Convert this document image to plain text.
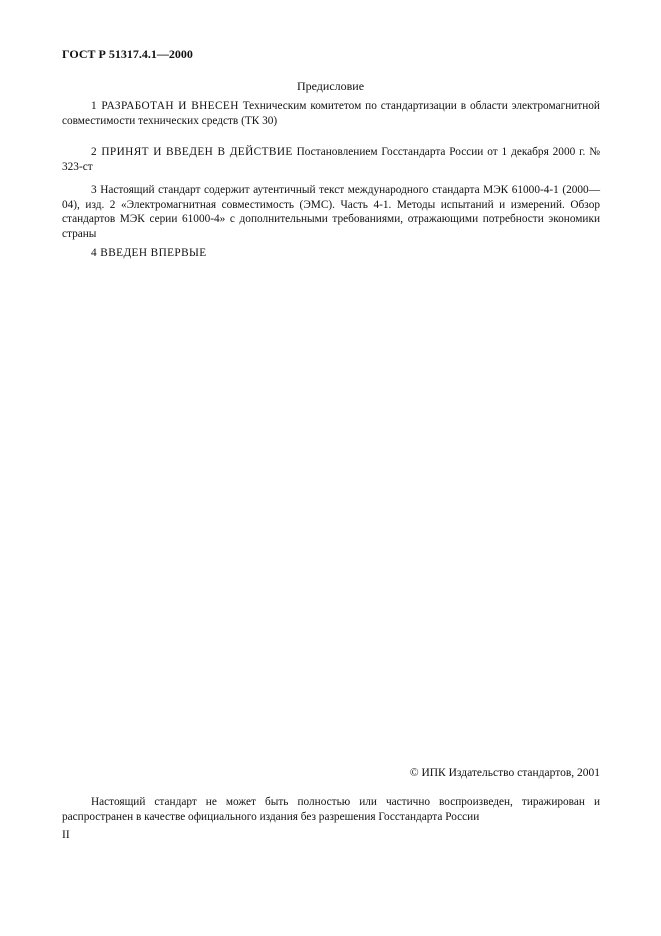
ГОСТ Р 51317.4.1—2000
Предисловие

1 РАЗРАБОТАН И ВНЕСЕН Техническим комитетом по стандартизации в области электромагнитной совместимости технических средств (ТК 30)

2 ПРИНЯТ И ВВЕДЕН В ДЕЙСТВИЕ Постановлением Госстандарта России от 1 декабря 2000 г. № 323-ст

3 Настоящий стандарт содержит аутентичный текст международного стандарта МЭК 61000-4-1 (2000—04), изд. 2 «Электромагнитная совместимость (ЭМС). Часть 4-1. Методы испытаний и измерений. Обзор стандартов МЭК серии 61000-4» с дополнительными требованиями, отражающими потребности экономики страны

4 ВВЕДЕН ВПЕРВЫЕ

© ИПК Издательство стандартов, 2001

Настоящий стандарт не может быть полностью или частично воспроизведен, тиражирован и распространен в качестве официального издания без разрешения Госстандарта России

II
